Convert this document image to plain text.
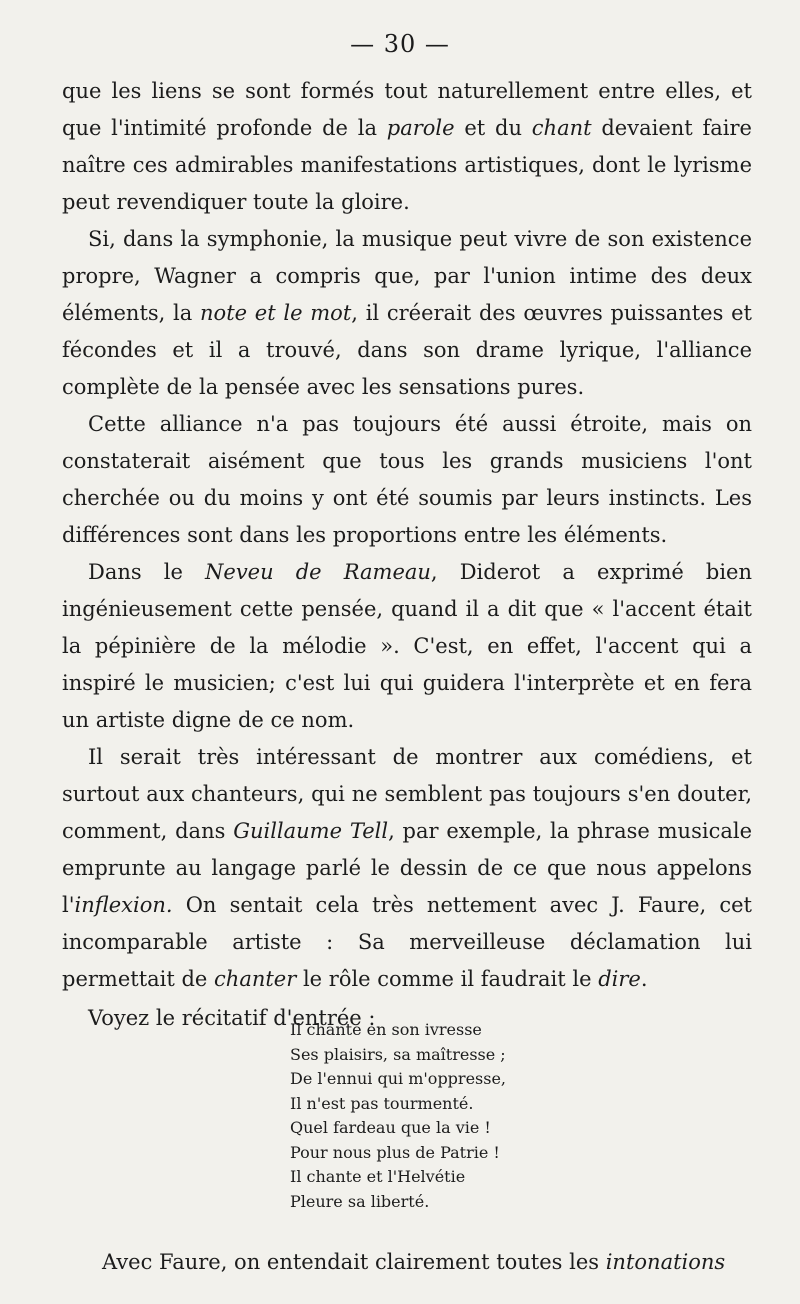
— 30 —

que les liens se sont formés tout naturellement entre elles, et que l'intimité profonde de la parole et du chant devaient faire naître ces admirables manifestations artistiques, dont le lyrisme peut revendiquer toute la gloire.

Si, dans la symphonie, la musique peut vivre de son existence propre, Wagner a compris que, par l'union intime des deux éléments, la note et le mot, il créerait des œuvres puissantes et fécondes et il a trouvé, dans son drame lyrique, l'alliance complète de la pensée avec les sensations pures.

Cette alliance n'a pas toujours été aussi étroite, mais on constaterait aisément que tous les grands musiciens l'ont cherchée ou du moins y ont été soumis par leurs instincts. Les différences sont dans les proportions entre les éléments.

Dans le Neveu de Rameau, Diderot a exprimé bien ingénieusement cette pensée, quand il a dit que « l'accent était la pépinière de la mélodie ». C'est, en effet, l'accent qui a inspiré le musicien; c'est lui qui guidera l'interprète et en fera un artiste digne de ce nom.

Il serait très intéressant de montrer aux comédiens, et surtout aux chanteurs, qui ne semblent pas toujours s'en douter, comment, dans Guillaume Tell, par exemple, la phrase musicale emprunte au langage parlé le dessin de ce que nous appelons l'inflexion. On sentait cela très nettement avec J. Faure, cet incomparable artiste : Sa merveilleuse déclamation lui permettait de chanter le rôle comme il faudrait le dire.

Voyez le récitatif d'entrée :

Il chante en son ivresse
Ses plaisirs, sa maîtresse ;
De l'ennui qui m'oppresse,
Il n'est pas tourmenté.
Quel fardeau que la vie !
Pour nous plus de Patrie !
Il chante et l'Helvétie
Pleure sa liberté.
Avec Faure, on entendait clairement toutes les intonations
